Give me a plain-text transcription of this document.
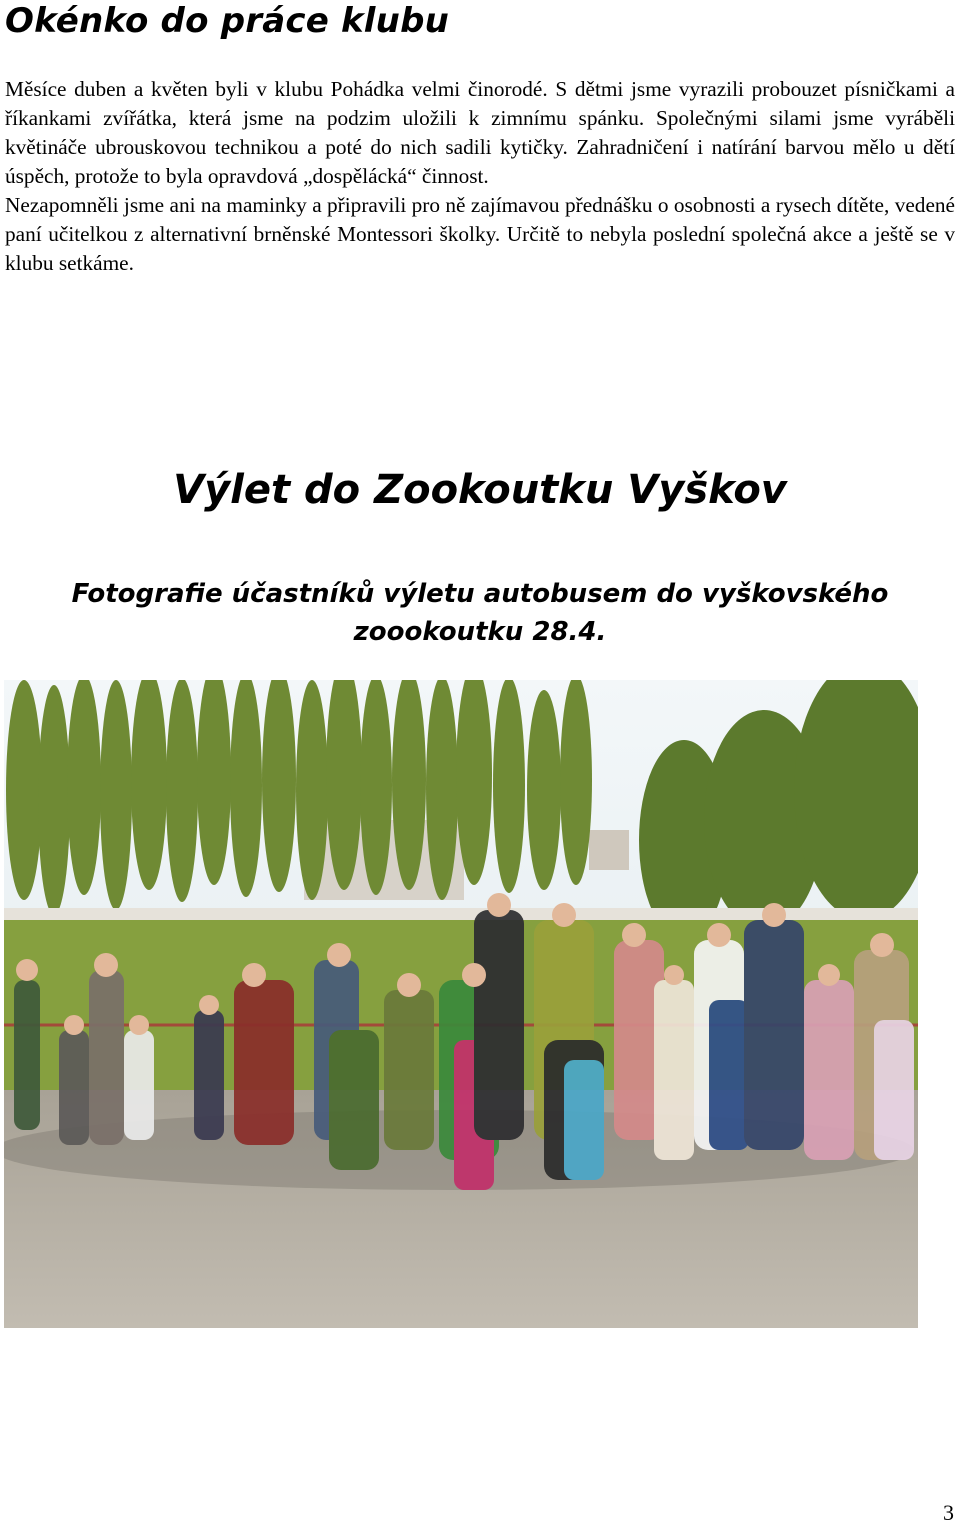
Okénko do práce klubu
Měsíce duben a květen byli v klubu Pohádka velmi činorodé. S dětmi jsme vyrazili probouzet písničkami a říkankami zvířátka, která jsme na podzim uložili k zimnímu spánku. Společnými silami jsme vyráběli květináče ubrouskovou technikou a poté do nich sadili kytičky. Zahradničení i natírání barvou mělo u dětí úspěch, protože to byla opravdová „dospělácká“ činnost.
Nezapomněli jsme ani na maminky a připravili pro ně zajímavou přednášku o osobnosti a rysech dítěte, vedené paní učitelkou z alternativní brněnské Montessori školky. Určitě to nebyla poslední společná akce a ještě se v klubu setkáme.
Výlet do Zookoutku Vyškov

Fotografie účastníků výletu autobusem do vyškovského zoookoutku 28.4.

3
